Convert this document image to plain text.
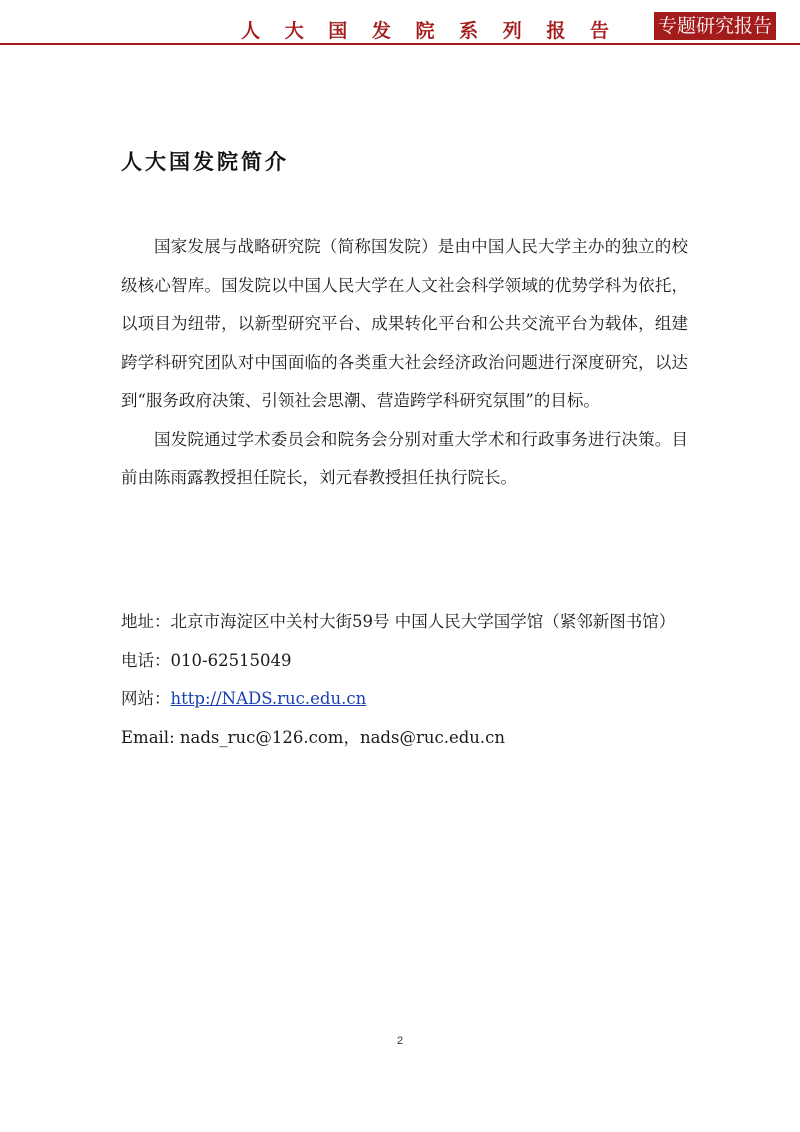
人 大 国 发 院 系 列 报 告 专题研究报告
人大国发院简介

国家发展与战略研究院（简称国发院）是由中国人民大学主办的独立的校级核心智库。国发院以中国人民大学在人文社会科学领域的优势学科为依托，以项目为纽带，以新型研究平台、成果转化平台和公共交流平台为载体，组建跨学科研究团队对中国面临的各类重大社会经济政治问题进行深度研究，以达到“服务政府决策、引领社会思潮、营造跨学科研究氛围”的目标。

国发院通过学术委员会和院务会分别对重大学术和行政事务进行决策。目前由陈雨露教授担任院长，刘元春教授担任执行院长。

地址：北京市海淀区中关村大街59号 中国人民大学国学馆（紧邻新图书馆）

电话：010-62515049

网站：http://NADS.ruc.edu.cn

Email: nads_ruc@126.com，nads@ruc.edu.cn

2
